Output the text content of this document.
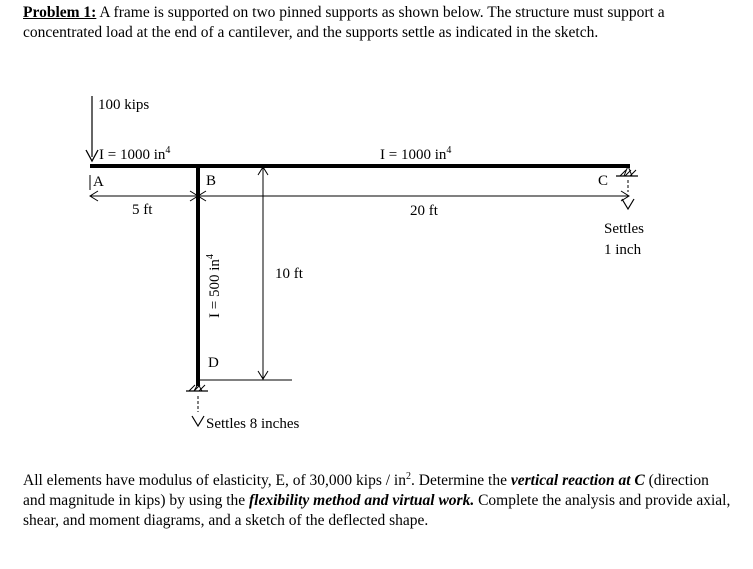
Problem 1: A frame is supported on two pinned supports as shown below. The structure must support a concentrated load at the end of a cantilever, and the supports settle as indicated in the sketch.

100 kips
I = 1000 $in^4$	I = 1000 $in^4$
A	B	C
D
Settles
1 inch
Settles 8 inches
5 ft	20 ft
10 ft
I = 500 $in^4$

All elements have modulus of elasticity, E, of 30,000 kips / $in^2$. Determine the vertical reaction at C (direction and magnitude in kips) by using the flexibility method and virtual work. Complete the analysis and provide axial, shear, and moment diagrams, and a sketch of the deflected shape.
